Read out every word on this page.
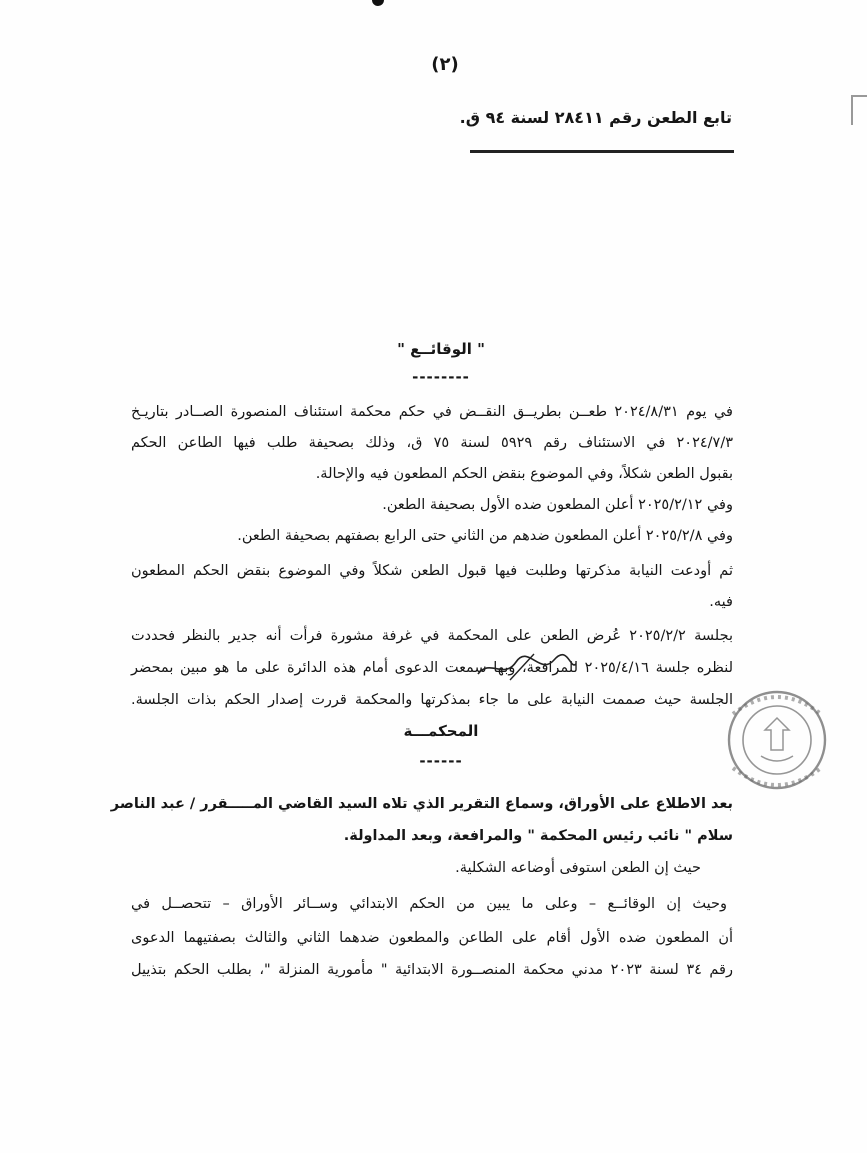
(٢)
تابع الطعن رقم ٢٨٤١١ لسنة ٩٤ ق.
" الوقائــع "
--------
في يوم ٢٠٢٤/٨/٣١ طعــن بطريــق النقــض في حكم محكمة استئناف المنصورة الصــادر بتاريـخ
٢٠٢٤/٧/٣ في الاستئناف رقم ٥٩٢٩ لسنة ٧٥ ق، وذلك بصحيفة طلب فيها الطاعن الحكم
بقبول الطعن شكلاً، وفي الموضوع بنقض الحكم المطعون فيه والإحالة.
وفي ٢٠٢٥/٢/١٢ أعلن المطعون ضده الأول بصحيفة الطعن.
وفي ٢٠٢٥/٢/٨ أعلن المطعون ضدهم من الثاني حتى الرابع بصفتهم بصحيفة الطعن.
ثم أودعت النيابة مذكرتها وطلبت فيها قبول الطعن شكلاً وفي الموضوع بنقض الحكم المطعون
فيه.
بجلسة ٢٠٢٥/٢/٢ عُرض الطعن على المحكمة في غرفة مشورة فرأت أنه جدير بالنظر فحددت
لنظره جلسة ٢٠٢٥/٤/١٦ للمرافعة، وبها سمعت الدعوى أمام هذه الدائرة على ما هو مبين بمحضر
الجلسة حيث صممت النيابة على ما جاء بمذكرتها والمحكمة قررت إصدار الحكم بذات الجلسة.
المحكمـــة
------
بعد الاطلاع على الأوراق، وسماع التقرير الذي تلاه السيد القاضي المـــــقرر / عبد الناصر
سلام " نائب رئيس المحكمة " والمرافعة، وبعد المداولة.
حيث إن الطعن استوفى أوضاعه الشكلية.
وحيث إن الوقائــع – وعلى ما يبين من الحكم الابتدائي وســائر الأوراق – تتحصــل في
أن المطعون ضده الأول أقام على الطاعن والمطعون ضدهما الثاني والثالث بصفتيهما الدعوى
رقم ٣٤ لسنة ٢٠٢٣ مدني محكمة المنصــورة الابتدائية " مأمورية المنزلة "، بطلب الحكم بتذييل
